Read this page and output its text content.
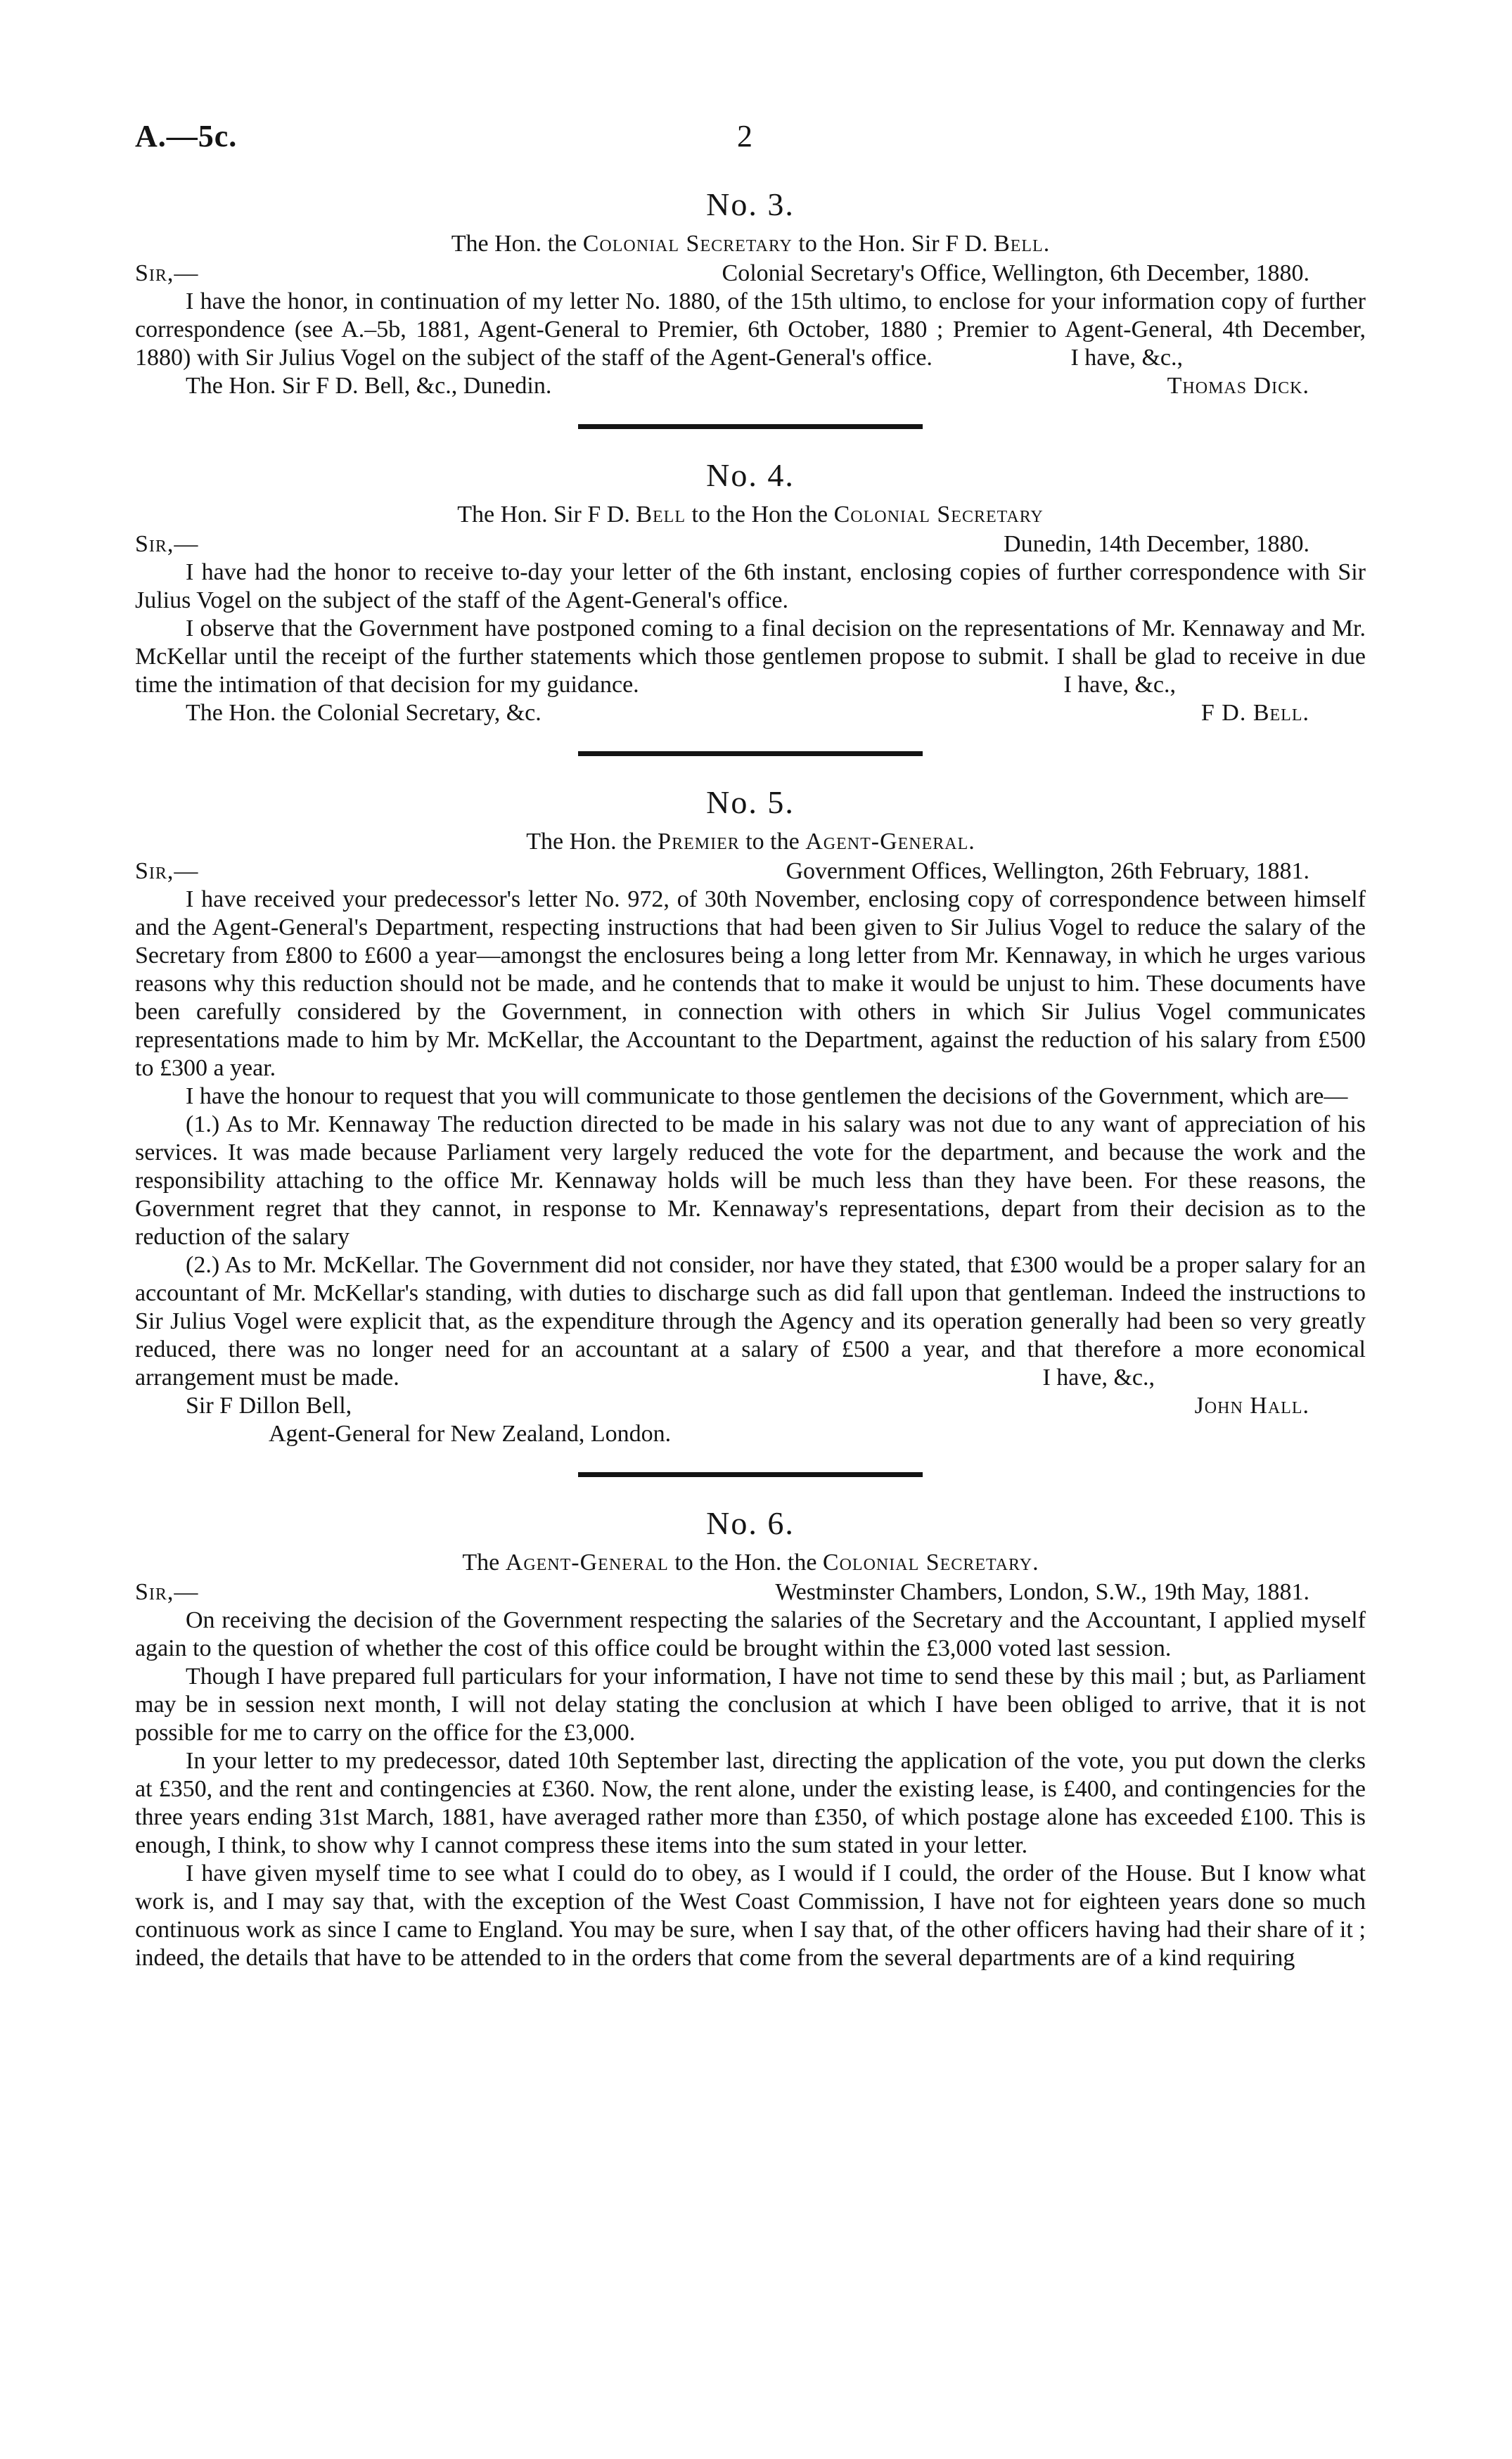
A.—5c.	2
No. 3.
The Hon. the Colonial Secretary to the Hon. Sir F D. Bell.
Sir,—	Colonial Secretary's Office, Wellington, 6th December, 1880.

I have the honor, in continuation of my letter No. 1880, of the 15th ultimo, to enclose for your information copy of further correspondence (see A.–5b, 1881, Agent-General to Premier, 6th October, 1880 ; Premier to Agent-General, 4th December, 1880) with Sir Julius Vogel on the subject of the staff of the Agent-General's office.	I have, &c.,
The Hon. Sir F D. Bell, &c., Dunedin.	Thomas Dick.
No. 4.
The Hon. Sir F D. Bell to the Hon the Colonial Secretary
Sir,—	Dunedin, 14th December, 1880.

I have had the honor to receive to-day your letter of the 6th instant, enclosing copies of further correspondence with Sir Julius Vogel on the subject of the staff of the Agent-General's office.

I observe that the Government have postponed coming to a final decision on the representations of Mr. Kennaway and Mr. McKellar until the receipt of the further statements which those gentlemen propose to submit. I shall be glad to receive in due time the intimation of that decision for my guidance.	I have, &c.,
The Hon. the Colonial Secretary, &c.	F D. Bell.
No. 5.
The Hon. the Premier to the Agent-General.
Sir,—	Government Offices, Wellington, 26th February, 1881.

I have received your predecessor's letter No. 972, of 30th November, enclosing copy of correspondence between himself and the Agent-General's Department, respecting instructions that had been given to Sir Julius Vogel to reduce the salary of the Secretary from £800 to £600 a year—amongst the enclosures being a long letter from Mr. Kennaway, in which he urges various reasons why this reduction should not be made, and he contends that to make it would be unjust to him. These documents have been carefully considered by the Government, in connection with others in which Sir Julius Vogel communicates representations made to him by Mr. McKellar, the Accountant to the Department, against the reduction of his salary from £500 to £300 a year.

I have the honour to request that you will communicate to those gentlemen the decisions of the Government, which are—

(1.) As to Mr. Kennaway The reduction directed to be made in his salary was not due to any want of appreciation of his services. It was made because Parliament very largely reduced the vote for the department, and because the work and the responsibility attaching to the office Mr. Kennaway holds will be much less than they have been. For these reasons, the Government regret that they cannot, in response to Mr. Kennaway's representations, depart from their decision as to the reduction of the salary

(2.) As to Mr. McKellar. The Government did not consider, nor have they stated, that £300 would be a proper salary for an accountant of Mr. McKellar's standing, with duties to discharge such as did fall upon that gentleman. Indeed the instructions to Sir Julius Vogel were explicit that, as the expenditure through the Agency and its operation generally had been so very greatly reduced, there was no longer need for an accountant at a salary of £500 a year, and that therefore a more economical arrangement must be made.	I have, &c.,
Sir F Dillon Bell,	John Hall.
Agent-General for New Zealand, London.
No. 6.
The Agent-General to the Hon. the Colonial Secretary.
Sir,—	Westminster Chambers, London, S.W., 19th May, 1881.

On receiving the decision of the Government respecting the salaries of the Secretary and the Accountant, I applied myself again to the question of whether the cost of this office could be brought within the £3,000 voted last session.

Though I have prepared full particulars for your information, I have not time to send these by this mail ; but, as Parliament may be in session next month, I will not delay stating the conclusion at which I have been obliged to arrive, that it is not possible for me to carry on the office for the £3,000.

In your letter to my predecessor, dated 10th September last, directing the application of the vote, you put down the clerks at £350, and the rent and contingencies at £360. Now, the rent alone, under the existing lease, is £400, and contingencies for the three years ending 31st March, 1881, have averaged rather more than £350, of which postage alone has exceeded £100. This is enough, I think, to show why I cannot compress these items into the sum stated in your letter.

I have given myself time to see what I could do to obey, as I would if I could, the order of the House. But I know what work is, and I may say that, with the exception of the West Coast Commission, I have not for eighteen years done so much continuous work as since I came to England. You may be sure, when I say that, of the other officers having had their share of it ; indeed, the details that have to be attended to in the orders that come from the several departments are of a kind requiring
